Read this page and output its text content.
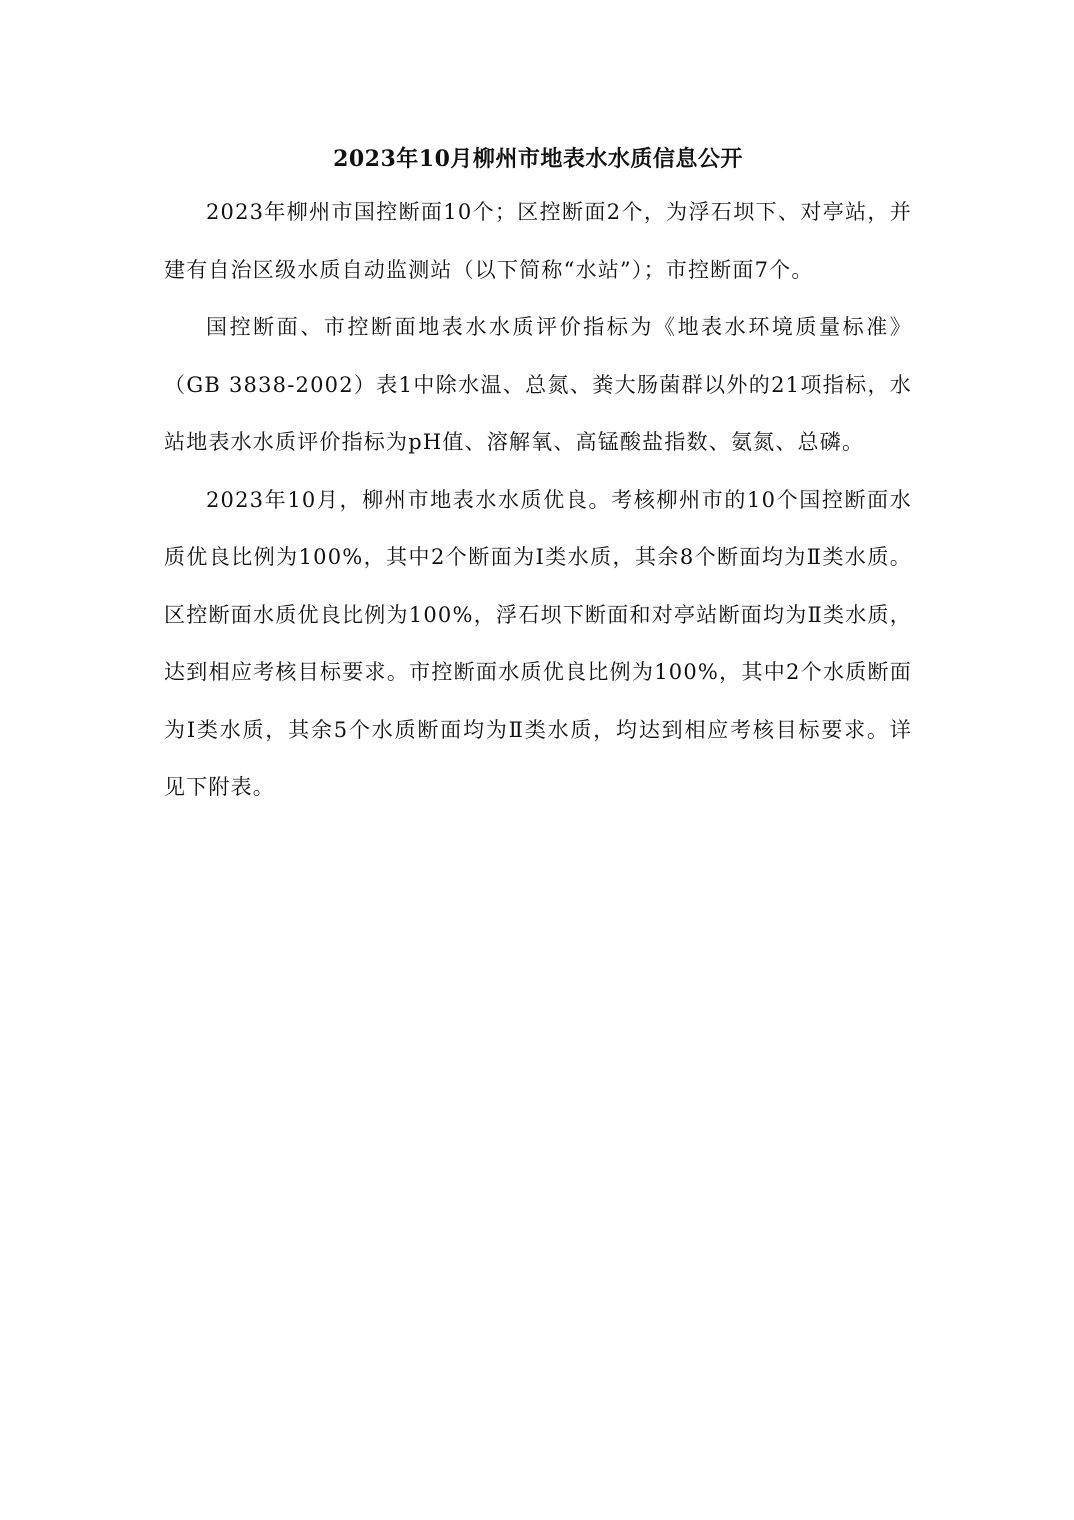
2023年10月柳州市地表水水质信息公开

2023年柳州市国控断面10个；区控断面2个，为浮石坝下、对亭站，并建有自治区级水质自动监测站（以下简称“水站”）；市控断面7个。

国控断面、市控断面地表水水质评价指标为《地表水环境质量标准》（GB 3838-2002）表1中除水温、总氮、粪大肠菌群以外的21项指标，水站地表水水质评价指标为pH值、溶解氧、高锰酸盐指数、氨氮、总磷。

2023年10月，柳州市地表水水质优良。考核柳州市的10个国控断面水质优良比例为100%，其中2个断面为Ⅰ类水质，其余8个断面均为Ⅱ类水质。区控断面水质优良比例为100%，浮石坝下断面和对亭站断面均为Ⅱ类水质，达到相应考核目标要求。市控断面水质优良比例为100%，其中2个水质断面为Ⅰ类水质，其余5个水质断面均为Ⅱ类水质，均达到相应考核目标要求。详见下附表。
